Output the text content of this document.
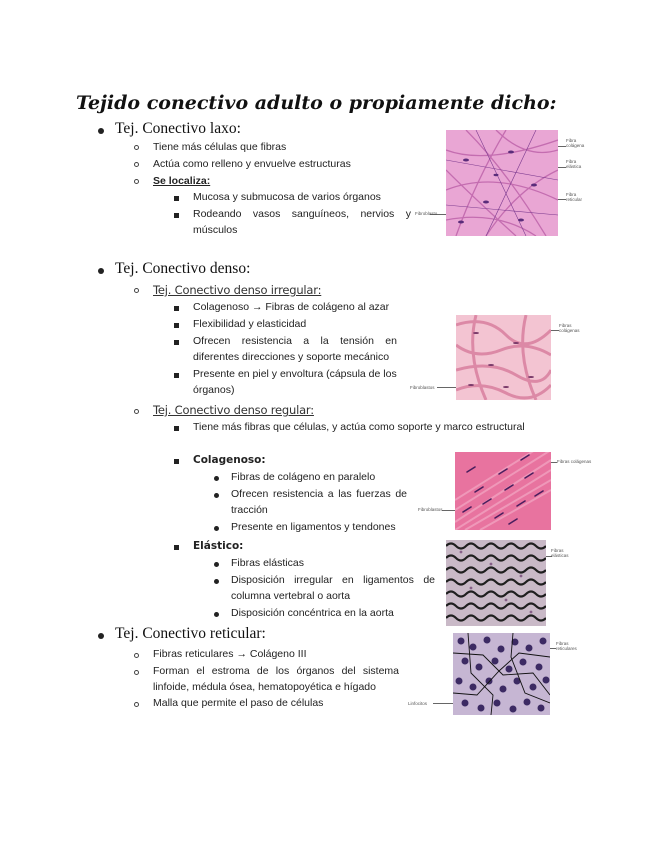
Tejido conectivo adulto o propiamente dicho:
Tej. Conectivo laxo:
Tiene más células que fibras
Actúa como relleno y envuelve estructuras
Se localiza:
Mucosa y submucosa de varios órganos
Rodeando vasos sanguíneos, nervios y
músculos
Fibra
colágena
Fibra
elástica
Fibra
reticular
Fibroblasto
Tej. Conectivo denso:
Tej. Conectivo denso irregular:
Colagenoso → Fibras de colágeno al azar
Flexibilidad y elasticidad
Ofrecen resistencia a la tensión en
diferentes direcciones y soporte mecánico
Presente en piel y envoltura (cápsula de los
órganos)
Fibras
colágenas
Fibroblastos
Tej. Conectivo denso regular:
Tiene más fibras que células, y actúa como soporte y marco estructural
Colagenoso:
Fibras de colágeno en paralelo
Ofrecen resistencia a las fuerzas de
tracción
Presente en ligamentos y tendones
Fibras colágenas
Fibroblastos
Elástico:
Fibras elásticas
Disposición irregular en ligamentos de
columna vertebral o aorta
Disposición concéntrica en la aorta
Fibras
elásticas
Tej. Conectivo reticular:
Fibras reticulares → Colágeno III
Forman el estroma de los órganos del sistema
linfoide, médula ósea, hematopoyética e hígado
Malla que permite el paso de células
Fibras
reticulares
Linfocitos
